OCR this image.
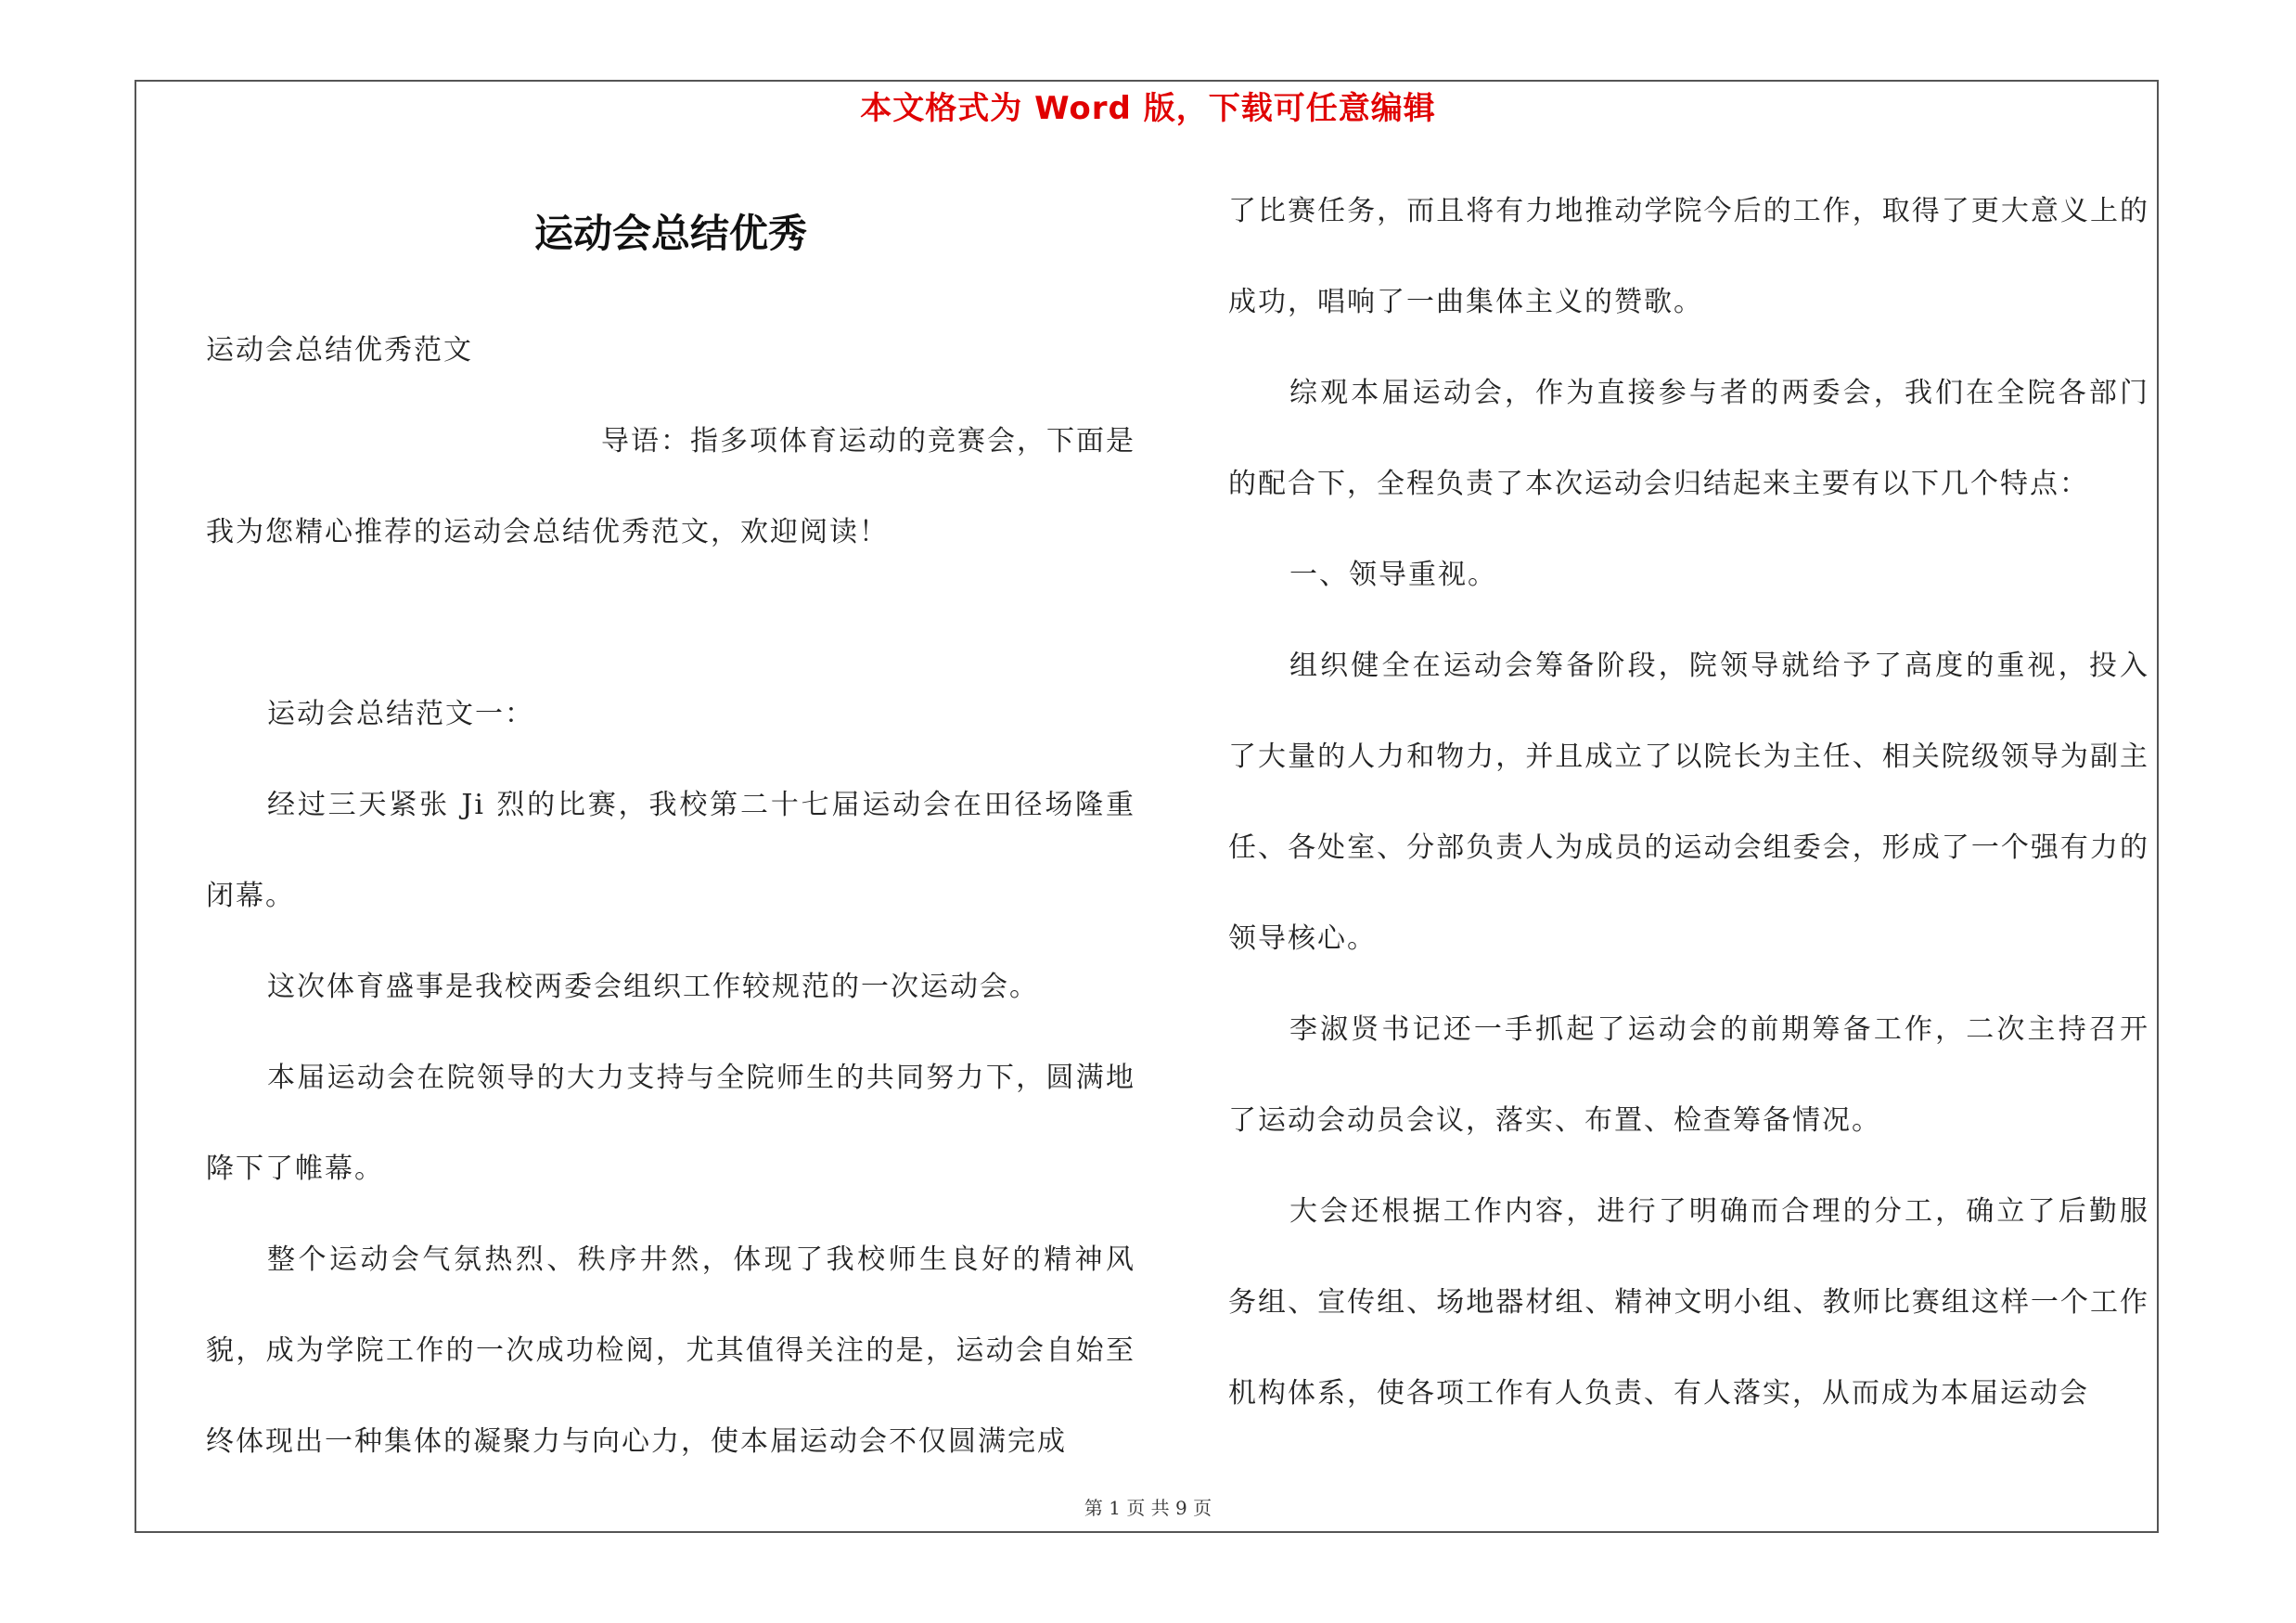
本文格式为 Word 版，下载可任意编辑
运动会总结优秀

运动会总结优秀范文

导语：指多项体育运动的竞赛会，下面是

我为您精心推荐的运动会总结优秀范文，欢迎阅读！

运动会总结范文一：

经过三天紧张 Ji 烈的比赛，我校第二十七届运动会在田径场隆重闭幕。

这次体育盛事是我校两委会组织工作较规范的一次运动会。

本届运动会在院领导的大力支持与全院师生的共同努力下，圆满地降下了帷幕。

整个运动会气氛热烈、秩序井然，体现了我校师生良好的精神风貌，成为学院工作的一次成功检阅，尤其值得关注的是，运动会自始至终体现出一种集体的凝聚力与向心力，使本届运动会不仅圆满完成

了比赛任务，而且将有力地推动学院今后的工作，取得了更大意义上的成功，唱响了一曲集体主义的赞歌。

综观本届运动会，作为直接参与者的两委会，我们在全院各部门的配合下，全程负责了本次运动会归结起来主要有以下几个特点：

一、领导重视。

组织健全在运动会筹备阶段，院领导就给予了高度的重视，投入了大量的人力和物力，并且成立了以院长为主任、相关院级领导为副主任、各处室、分部负责人为成员的运动会组委会，形成了一个强有力的领导核心。

李淑贤书记还一手抓起了运动会的前期筹备工作，二次主持召开了运动会动员会议，落实、布置、检查筹备情况。

大会还根据工作内容，进行了明确而合理的分工，确立了后勤服务组、宣传组、场地器材组、精神文明小组、教师比赛组这样一个工作机构体系，使各项工作有人负责、有人落实，从而成为本届运动会

第 1 页 共 9 页
